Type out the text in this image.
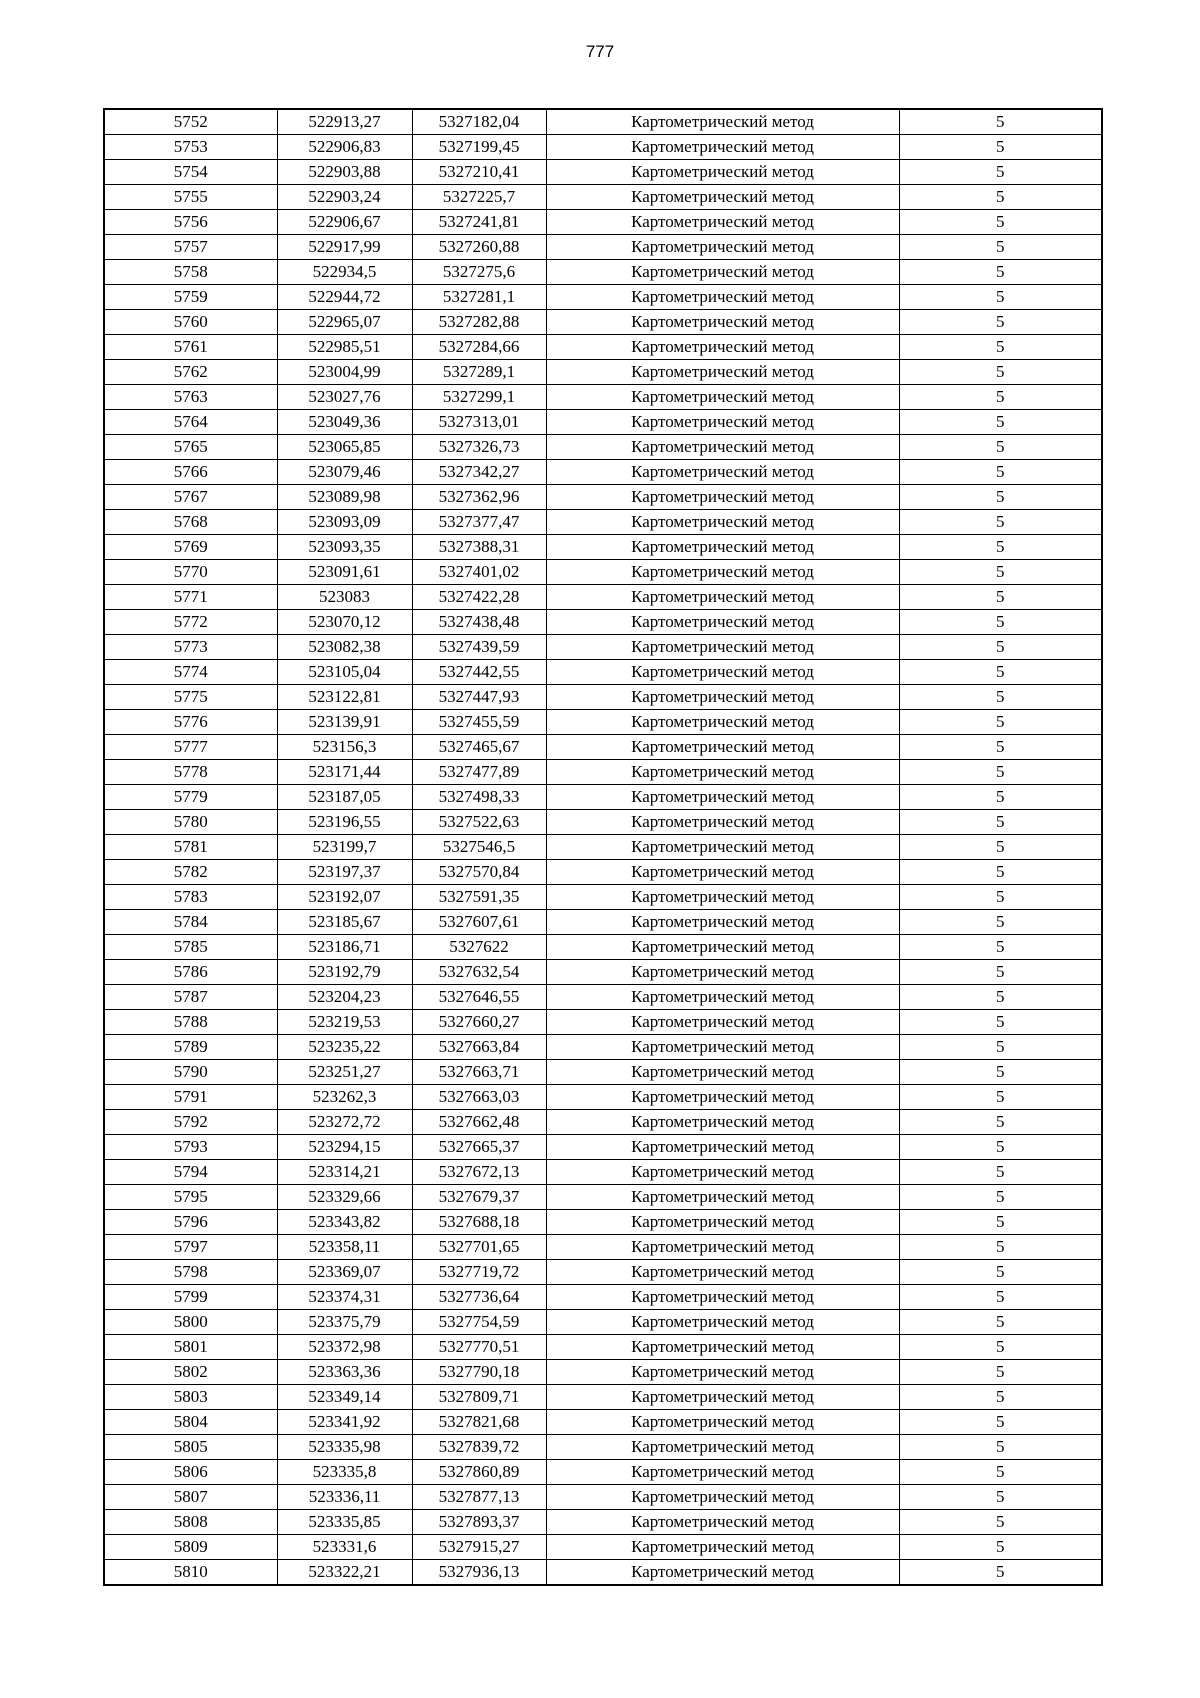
777
5752	522913,27	5327182,04	Картометрический метод	5
5753	522906,83	5327199,45	Картометрический метод	5
5754	522903,88	5327210,41	Картометрический метод	5
5755	522903,24	5327225,7	Картометрический метод	5
5756	522906,67	5327241,81	Картометрический метод	5
5757	522917,99	5327260,88	Картометрический метод	5
5758	522934,5	5327275,6	Картометрический метод	5
5759	522944,72	5327281,1	Картометрический метод	5
5760	522965,07	5327282,88	Картометрический метод	5
5761	522985,51	5327284,66	Картометрический метод	5
5762	523004,99	5327289,1	Картометрический метод	5
5763	523027,76	5327299,1	Картометрический метод	5
5764	523049,36	5327313,01	Картометрический метод	5
5765	523065,85	5327326,73	Картометрический метод	5
5766	523079,46	5327342,27	Картометрический метод	5
5767	523089,98	5327362,96	Картометрический метод	5
5768	523093,09	5327377,47	Картометрический метод	5
5769	523093,35	5327388,31	Картометрический метод	5
5770	523091,61	5327401,02	Картометрический метод	5
5771	523083	5327422,28	Картометрический метод	5
5772	523070,12	5327438,48	Картометрический метод	5
5773	523082,38	5327439,59	Картометрический метод	5
5774	523105,04	5327442,55	Картометрический метод	5
5775	523122,81	5327447,93	Картометрический метод	5
5776	523139,91	5327455,59	Картометрический метод	5
5777	523156,3	5327465,67	Картометрический метод	5
5778	523171,44	5327477,89	Картометрический метод	5
5779	523187,05	5327498,33	Картометрический метод	5
5780	523196,55	5327522,63	Картометрический метод	5
5781	523199,7	5327546,5	Картометрический метод	5
5782	523197,37	5327570,84	Картометрический метод	5
5783	523192,07	5327591,35	Картометрический метод	5
5784	523185,67	5327607,61	Картометрический метод	5
5785	523186,71	5327622	Картометрический метод	5
5786	523192,79	5327632,54	Картометрический метод	5
5787	523204,23	5327646,55	Картометрический метод	5
5788	523219,53	5327660,27	Картометрический метод	5
5789	523235,22	5327663,84	Картометрический метод	5
5790	523251,27	5327663,71	Картометрический метод	5
5791	523262,3	5327663,03	Картометрический метод	5
5792	523272,72	5327662,48	Картометрический метод	5
5793	523294,15	5327665,37	Картометрический метод	5
5794	523314,21	5327672,13	Картометрический метод	5
5795	523329,66	5327679,37	Картометрический метод	5
5796	523343,82	5327688,18	Картометрический метод	5
5797	523358,11	5327701,65	Картометрический метод	5
5798	523369,07	5327719,72	Картометрический метод	5
5799	523374,31	5327736,64	Картометрический метод	5
5800	523375,79	5327754,59	Картометрический метод	5
5801	523372,98	5327770,51	Картометрический метод	5
5802	523363,36	5327790,18	Картометрический метод	5
5803	523349,14	5327809,71	Картометрический метод	5
5804	523341,92	5327821,68	Картометрический метод	5
5805	523335,98	5327839,72	Картометрический метод	5
5806	523335,8	5327860,89	Картометрический метод	5
5807	523336,11	5327877,13	Картометрический метод	5
5808	523335,85	5327893,37	Картометрический метод	5
5809	523331,6	5327915,27	Картометрический метод	5
5810	523322,21	5327936,13	Картометрический метод	5
